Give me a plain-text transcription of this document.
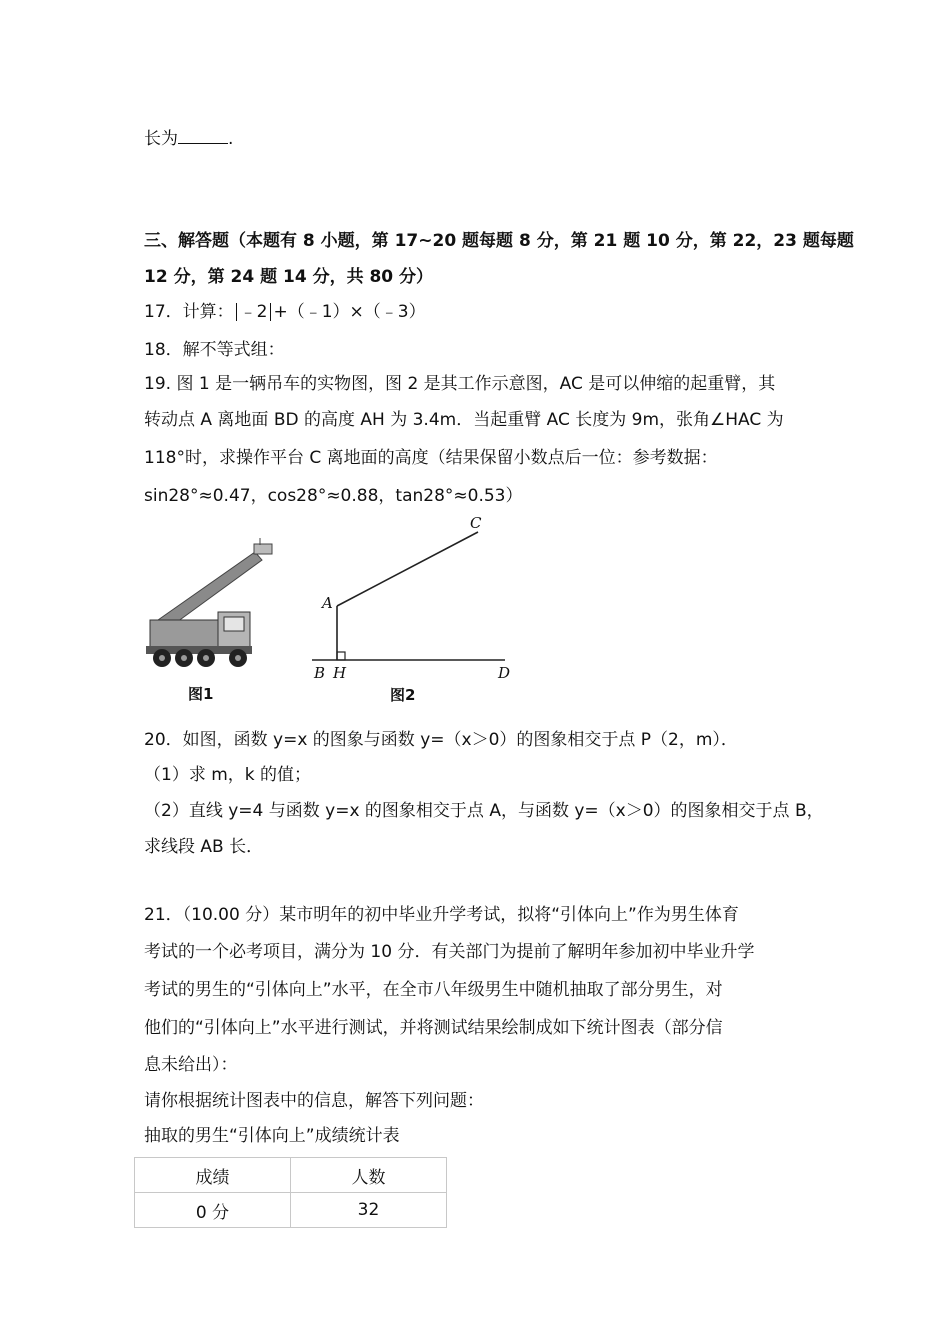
长为	.
三、解答题（本题有 8 小题，第 17~20 题每题 8 分，第 21 题 10 分，第 22，23 题每题
12 分，第 24 题 14 分，共 80 分）
17．计算： ﹣2 +（﹣1）×（﹣3）
18．解不等式组：
19. 图 1 是一辆吊车的实物图，图 2 是其工作示意图，AC 是可以伸缩的起重臂，其
转动点 A 离地面 BD 的高度 AH 为 3.4m．当起重臂 AC 长度为 9m，张角∠HAC 为
118°时，求操作平台 C 离地面的高度（结果保留小数点后一位：参考数据：
sin28°≈0.47，cos28°≈0.88，tan28°≈0.53）
图1
C
A
B H	D
图2
20．如图，函数 y=x 的图象与函数 y=（x＞0）的图象相交于点 P（2，m）．
（1）求 m，k 的值；
（2）直线 y=4 与函数 y=x 的图象相交于点 A，与函数 y=（x＞0）的图象相交于点 B，
求线段 AB 长．
21．（10.00 分）某市明年的初中毕业升学考试，拟将“引体向上”作为男生体育
考试的一个必考项目，满分为 10 分．有关部门为提前了解明年参加初中毕业升学
考试的男生的“引体向上”水平，在全市八年级男生中随机抽取了部分男生，对
他们的“引体向上”水平进行测试，并将测试结果绘制成如下统计图表（部分信
息未给出）：
请你根据统计图表中的信息，解答下列问题：
抽取的男生“引体向上”成绩统计表
成绩	人数
0 分	32
